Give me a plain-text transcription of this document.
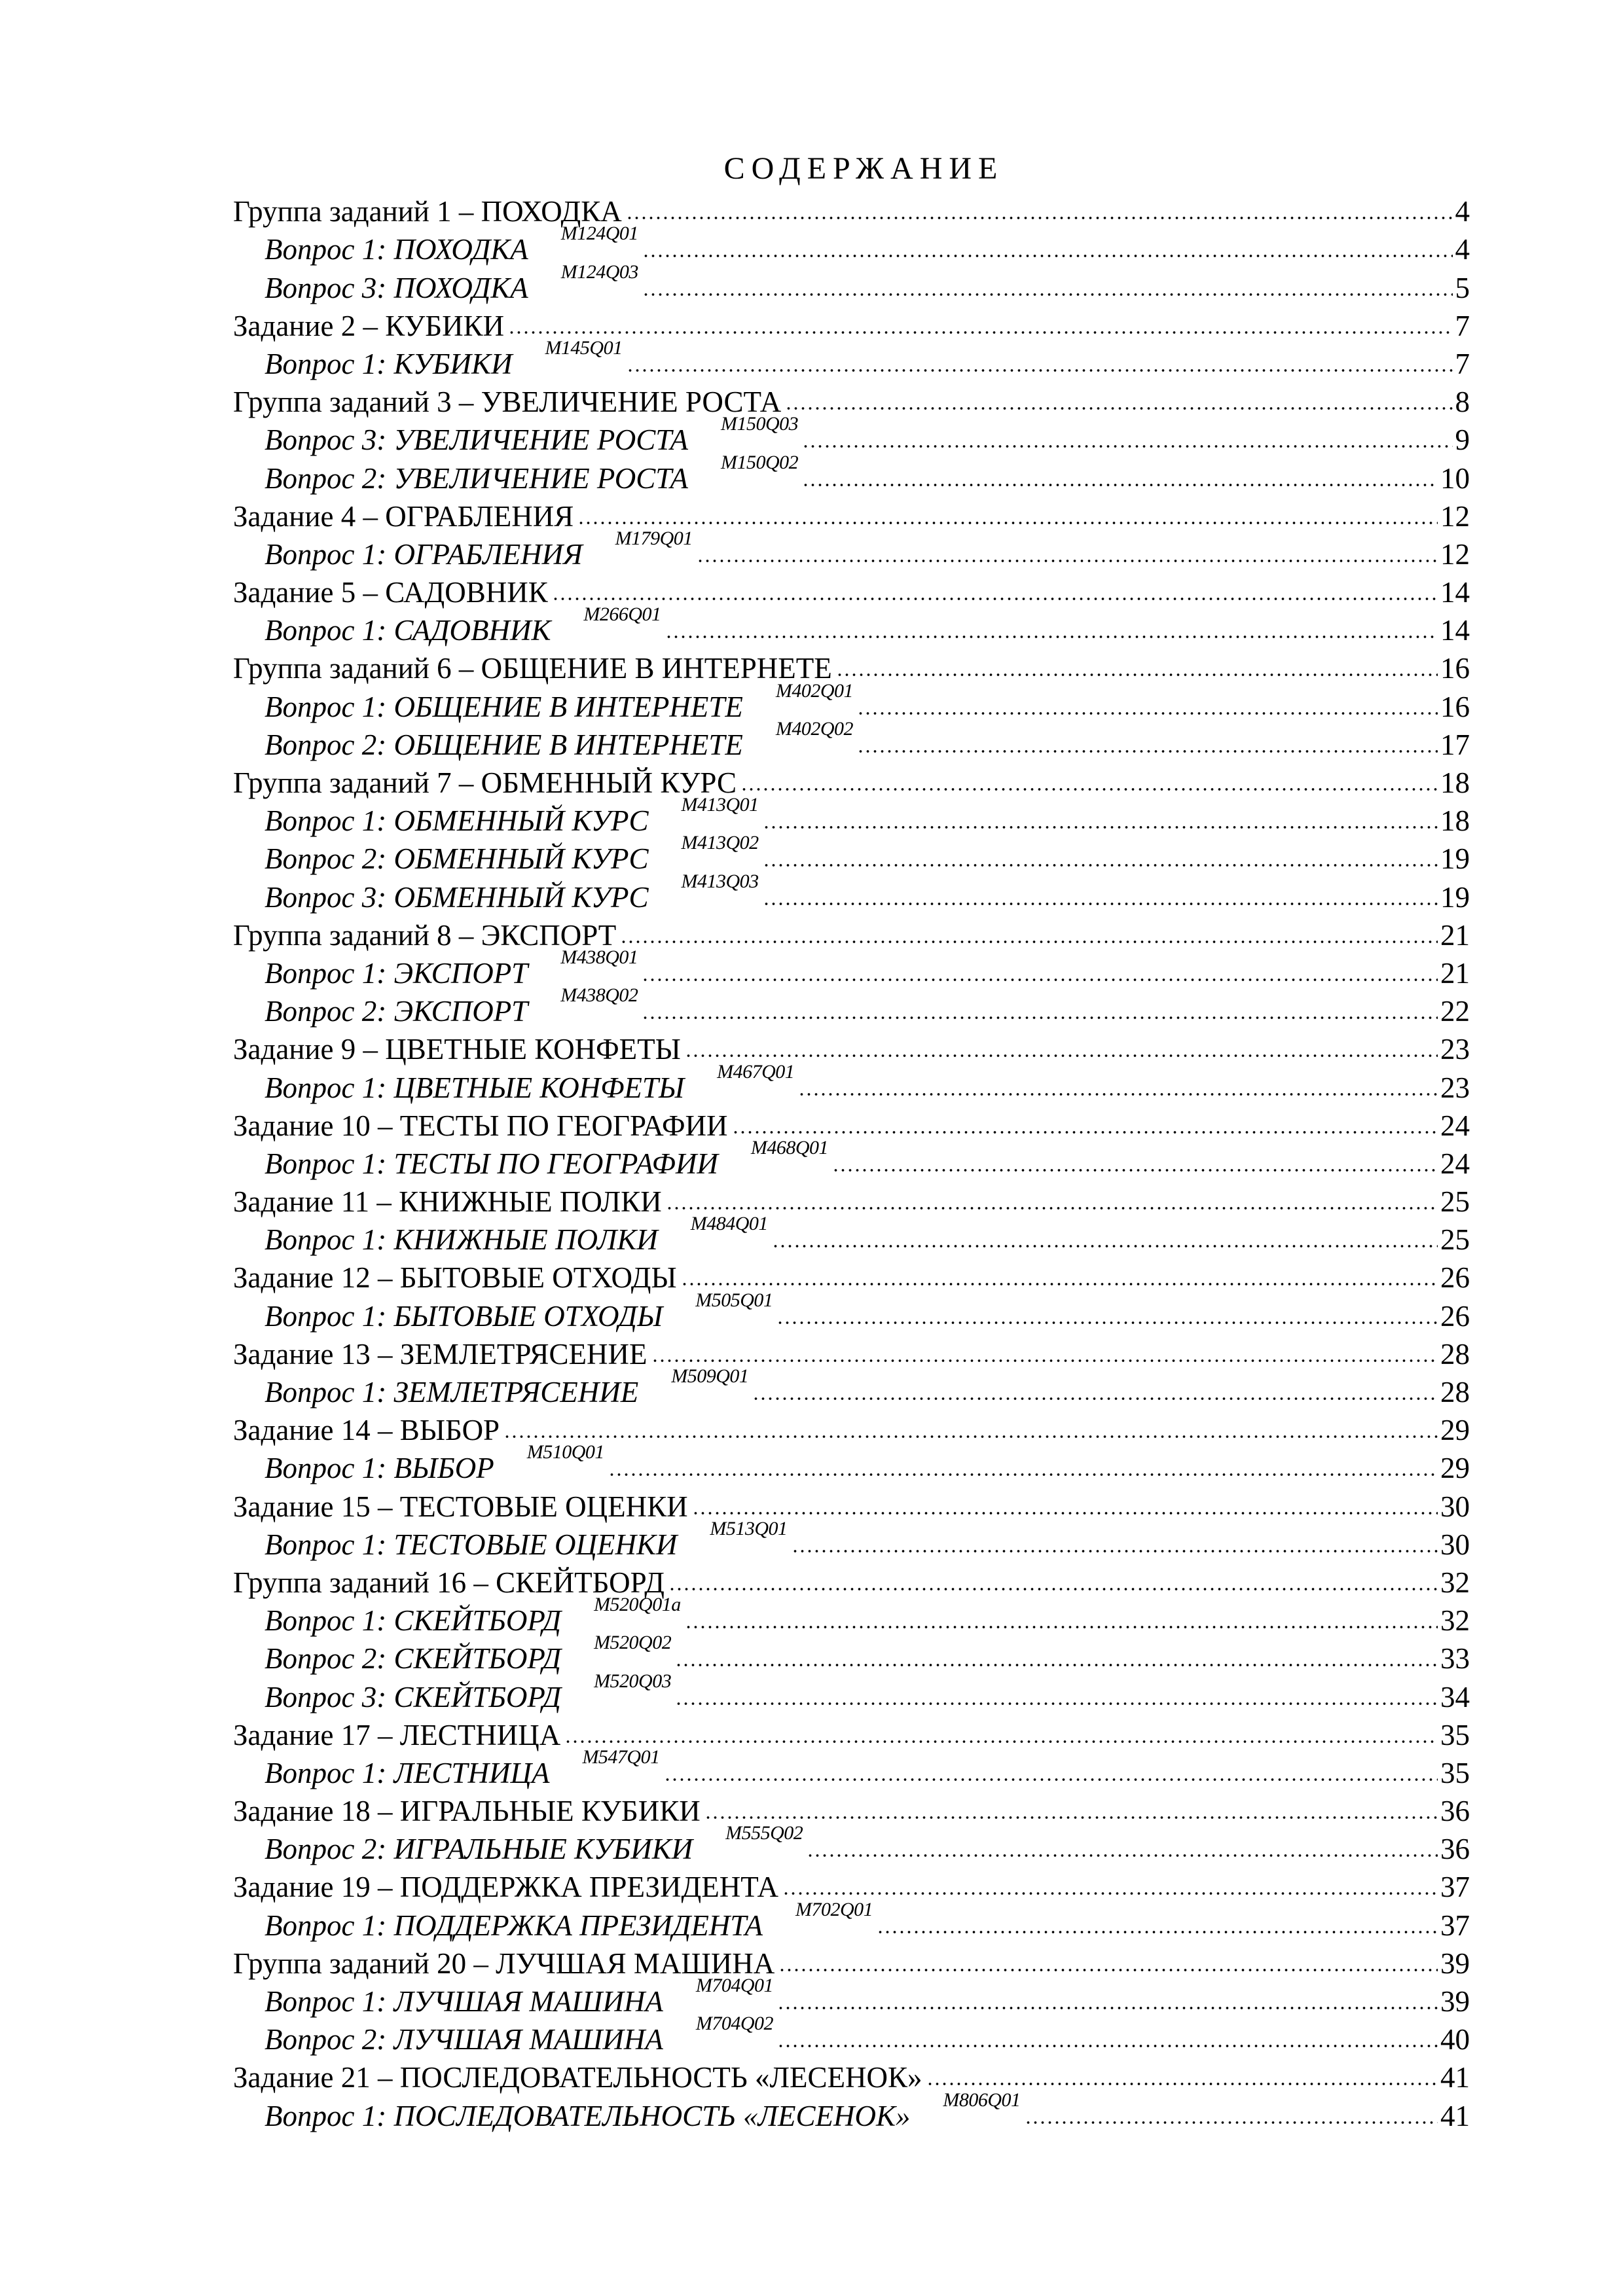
СОДЕРЖАНИЕ
Группа заданий 1 – ПОХОДКА	4
Вопрос 1: ПОХОДКА M124Q01	4
Вопрос 3: ПОХОДКА M124Q03	5
Задание 2 – КУБИКИ	7
Вопрос 1: КУБИКИ M145Q01	7
Группа заданий 3 – УВЕЛИЧЕНИЕ РОСТА	8
Вопрос 3: УВЕЛИЧЕНИЕ РОСТА M150Q03	9
Вопрос 2: УВЕЛИЧЕНИЕ РОСТА M150Q02	10
Задание 4 – ОГРАБЛЕНИЯ	12
Вопрос 1: ОГРАБЛЕНИЯ M179Q01	12
Задание 5 – САДОВНИК	14
Вопрос 1: САДОВНИК M266Q01	14
Группа заданий 6 – ОБЩЕНИЕ В ИНТЕРНЕТЕ	16
Вопрос 1: ОБЩЕНИЕ В ИНТЕРНЕТЕ M402Q01	16
Вопрос 2: ОБЩЕНИЕ В ИНТЕРНЕТЕ M402Q02	17
Группа заданий 7 – ОБМЕННЫЙ КУРС	18
Вопрос 1: ОБМЕННЫЙ КУРС M413Q01	18
Вопрос 2: ОБМЕННЫЙ КУРС M413Q02	19
Вопрос 3: ОБМЕННЫЙ КУРС M413Q03	19
Группа заданий 8 – ЭКСПОРТ	21
Вопрос 1: ЭКСПОРТ M438Q01	21
Вопрос 2: ЭКСПОРТ M438Q02	22
Задание 9 – ЦВЕТНЫЕ КОНФЕТЫ	23
Вопрос 1: ЦВЕТНЫЕ КОНФЕТЫ M467Q01	23
Задание 10 – ТЕСТЫ ПО ГЕОГРАФИИ	24
Вопрос 1: ТЕСТЫ ПО ГЕОГРАФИИ M468Q01	24
Задание 11 – КНИЖНЫЕ ПОЛКИ	25
Вопрос 1: КНИЖНЫЕ ПОЛКИ M484Q01	25
Задание 12 – БЫТОВЫЕ ОТХОДЫ	26
Вопрос 1: БЫТОВЫЕ ОТХОДЫ M505Q01	26
Задание 13 – ЗЕМЛЕТРЯСЕНИЕ	28
Вопрос 1: ЗЕМЛЕТРЯСЕНИЕ M509Q01	28
Задание 14 – ВЫБОР	29
Вопрос 1: ВЫБОР M510Q01	29
Задание 15 – ТЕСТОВЫЕ ОЦЕНКИ	30
Вопрос 1: ТЕСТОВЫЕ ОЦЕНКИ M513Q01	30
Группа заданий 16 – СКЕЙТБОРД	32
Вопрос 1: СКЕЙТБОРД M520Q01a	32
Вопрос 2: СКЕЙТБОРД M520Q02	33
Вопрос 3: СКЕЙТБОРД M520Q03	34
Задание 17 – ЛЕСТНИЦА	35
Вопрос 1: ЛЕСТНИЦА M547Q01	35
Задание 18 – ИГРАЛЬНЫЕ КУБИКИ	36
Вопрос 2: ИГРАЛЬНЫЕ КУБИКИ M555Q02	36
Задание 19 – ПОДДЕРЖКА ПРЕЗИДЕНТА	37
Вопрос 1: ПОДДЕРЖКА ПРЕЗИДЕНТА M702Q01	37
Группа заданий 20 – ЛУЧШАЯ МАШИНА	39
Вопрос 1: ЛУЧШАЯ МАШИНА M704Q01	39
Вопрос 2: ЛУЧШАЯ МАШИНА M704Q02	40
Задание 21 – ПОСЛЕДОВАТЕЛЬНОСТЬ «ЛЕСЕНОК»	41
Вопрос 1: ПОСЛЕДОВАТЕЛЬНОСТЬ «ЛЕСЕНОК» M806Q01	41
